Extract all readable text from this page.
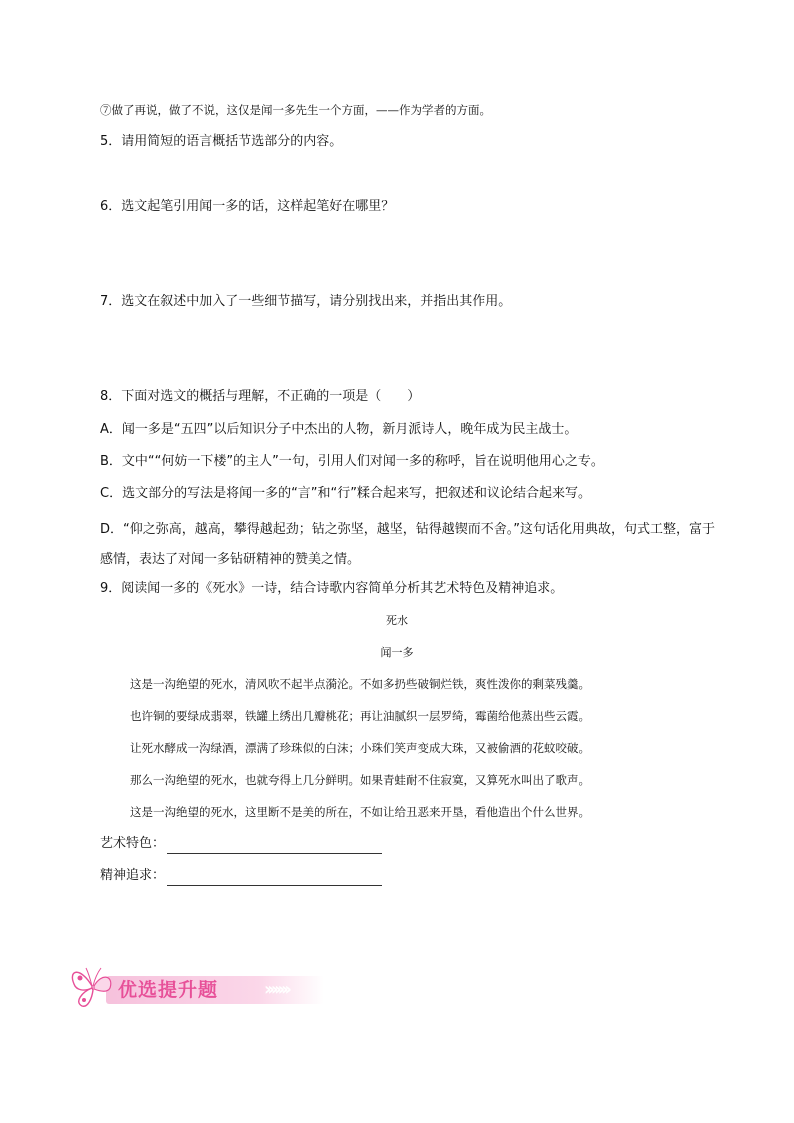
⑦做了再说，做了不说，这仅是闻一多先生一个方面，——作为学者的方面。
5．请用简短的语言概括节选部分的内容。
6．选文起笔引用闻一多的话，这样起笔好在哪里？
7．选文在叙述中加入了一些细节描写，请分别找出来，并指出其作用。
8．下面对选文的概括与理解，不正确的一项是（　　）
A．闻一多是“五四”以后知识分子中杰出的人物，新月派诗人，晚年成为民主战士。
B．文中““何妨一下楼”的主人”一句，引用人们对闻一多的称呼，旨在说明他用心之专。
C．选文部分的写法是将闻一多的“言”和“行”糅合起来写，把叙述和议论结合起来写。
D．“仰之弥高，越高，攀得越起劲；钻之弥坚，越坚，钻得越锲而不舍。”这句话化用典故，句式工整，富于感情，表达了对闻一多钻研精神的赞美之情。
9．阅读闻一多的《死水》一诗，结合诗歌内容简单分析其艺术特色及精神追求。
死水
闻一多
这是一沟绝望的死水，清风吹不起半点漪沦。不如多扔些破铜烂铁，爽性泼你的剩菜残羹。
也许铜的要绿成翡翠，铁罐上绣出几瓣桃花；再让油腻织一层罗绮，霉菌给他蒸出些云霞。
让死水酵成一沟绿酒，漂满了珍珠似的白沫；小珠们笑声变成大珠，又被偷酒的花蚊咬破。
那么一沟绝望的死水，也就夸得上几分鲜明。如果青蛙耐不住寂寞，又算死水叫出了歌声。
这是一沟绝望的死水，这里断不是美的所在，不如让给丑恶来开垦，看他造出个什么世界。
艺术特色：
精神追求：
优选提升题	›››››››
